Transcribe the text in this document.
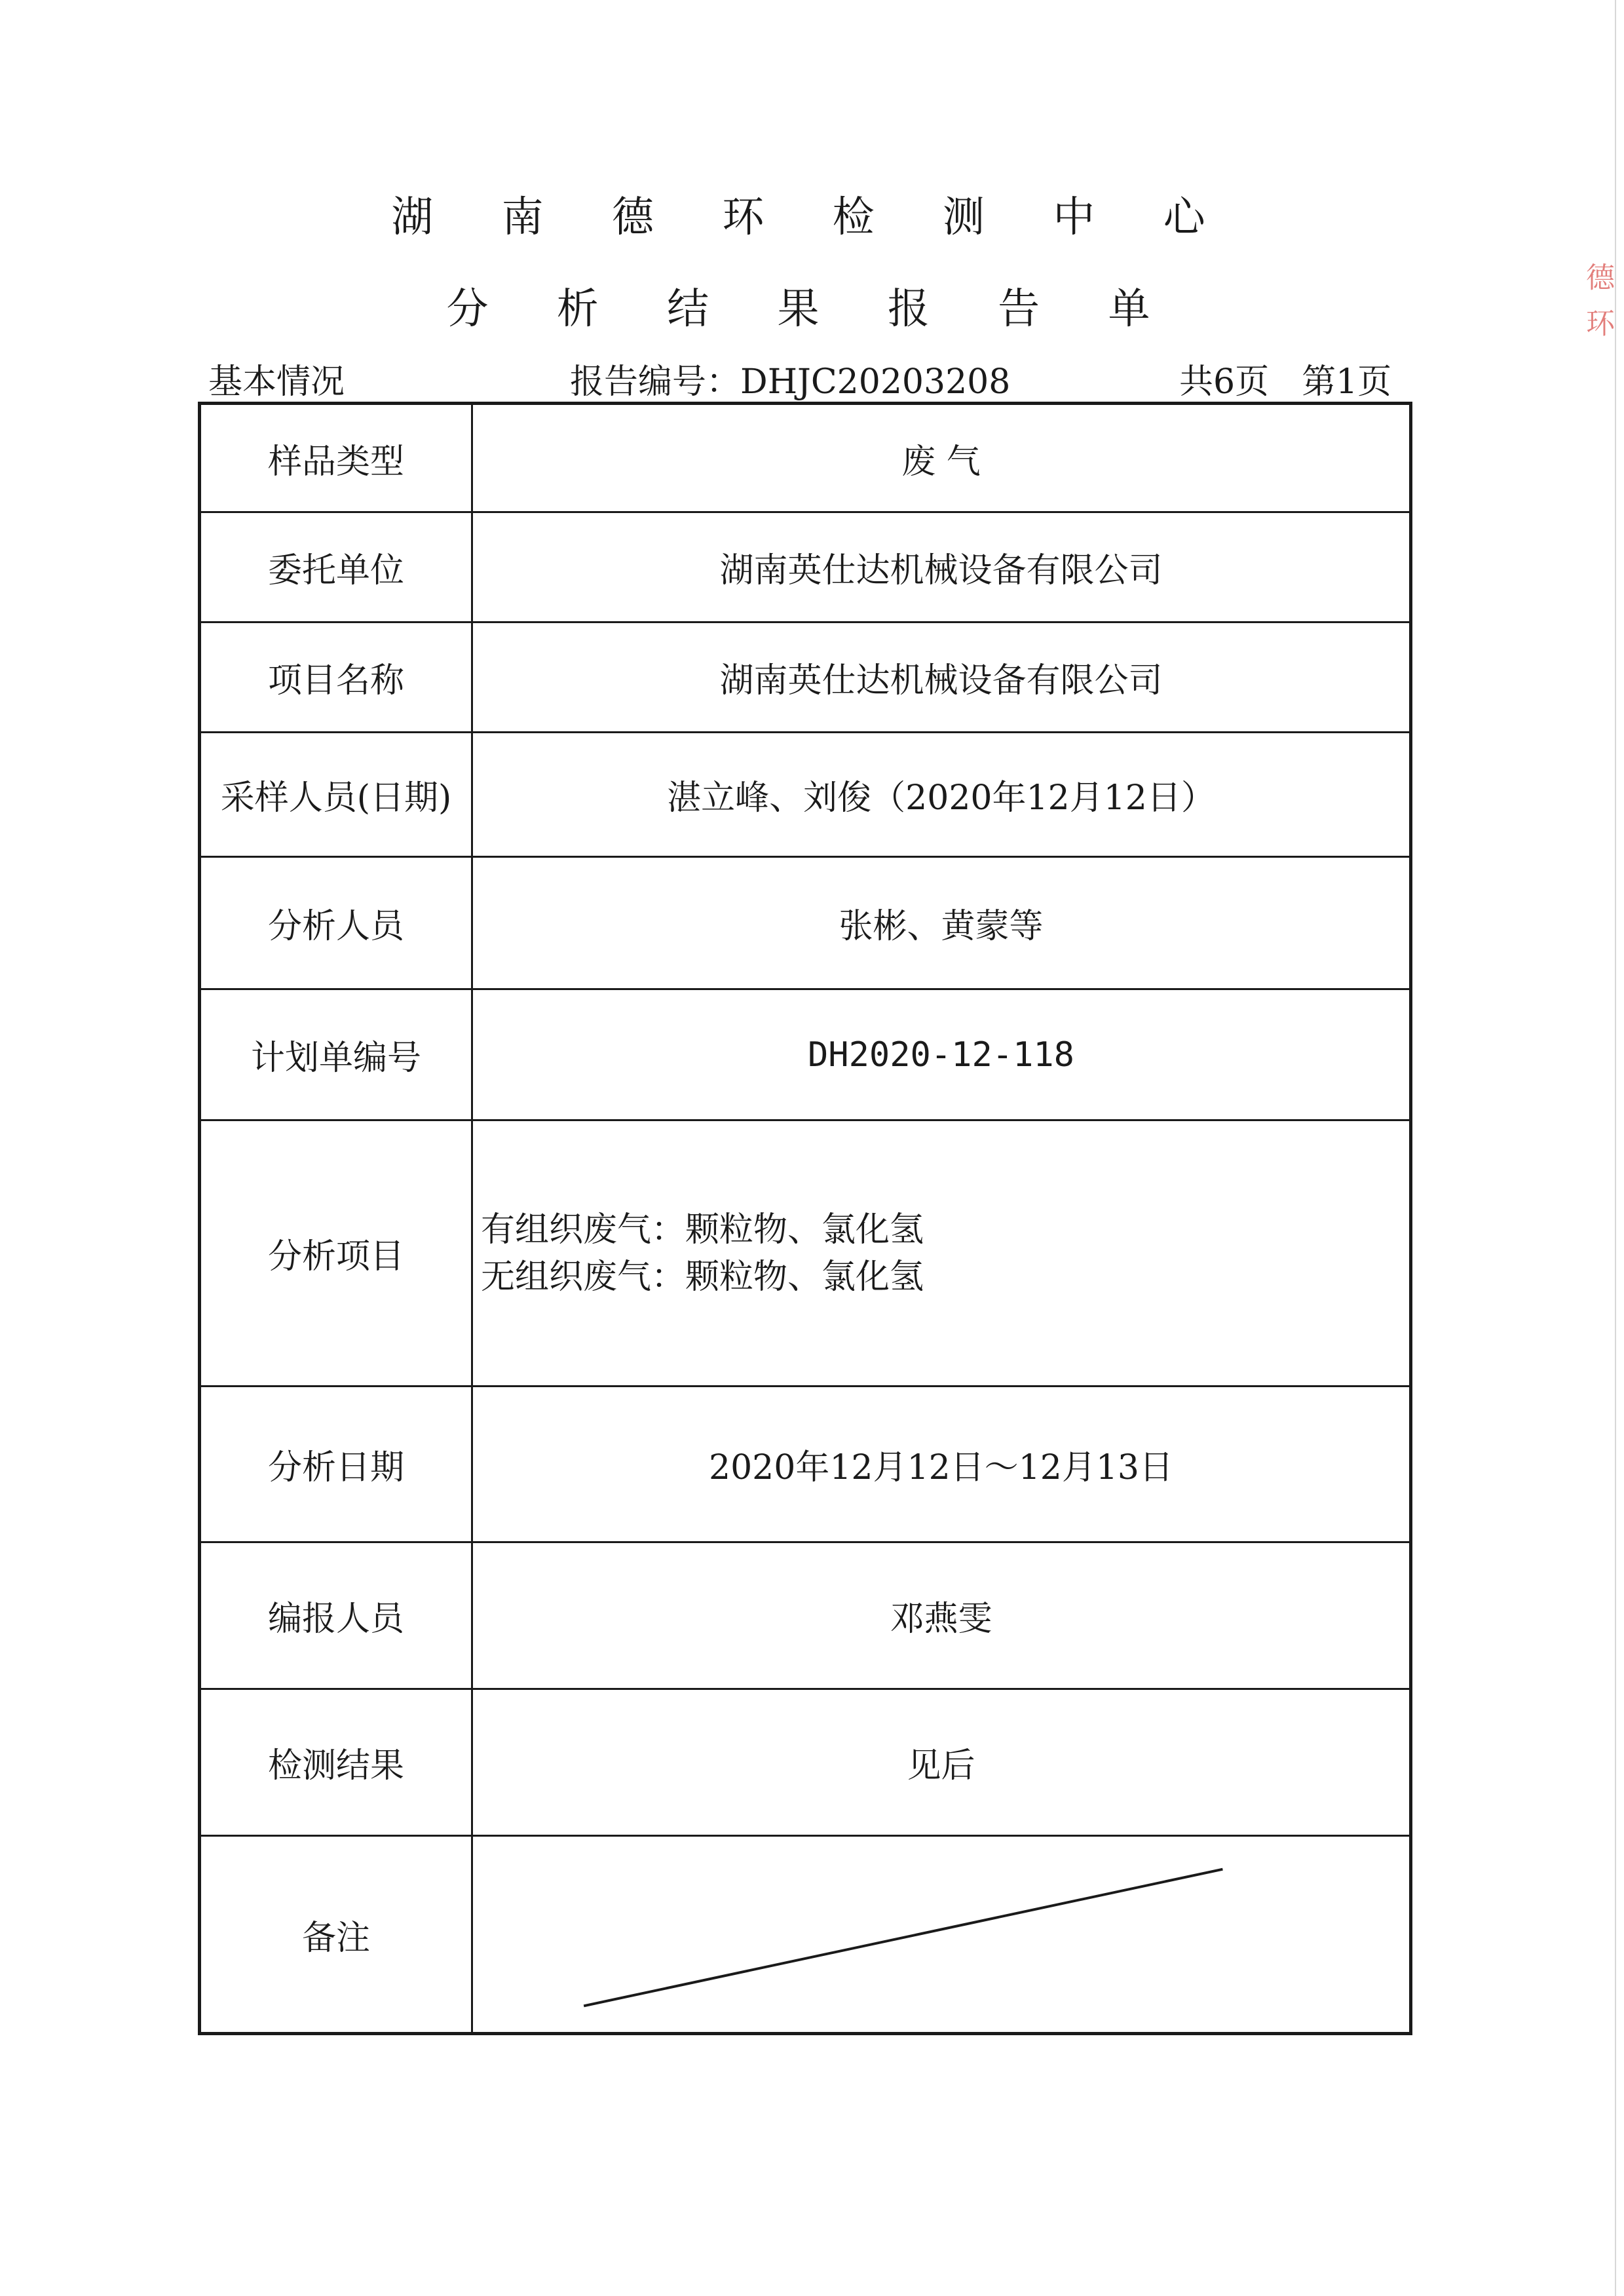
德 环
湖 南 德 环 检 测 中 心
分 析 结 果 报 告 单
基本情况	报告编号：DHJC20203208	共6页 第1页
样品类型	废 气
委托单位	湖南英仕达机械设备有限公司
项目名称	湖南英仕达机械设备有限公司
采样人员(日期)	湛立峰、刘俊（2020年12月12日）
分析人员	张彬、黄蒙等
计划单编号	DH2020-12-118
分析项目	有组织废气：颗粒物、氯化氢
无组织废气：颗粒物、氯化氢

分析日期	2020年12月12日～12月13日
编报人员	邓燕雯
检测结果	见后
备注	
